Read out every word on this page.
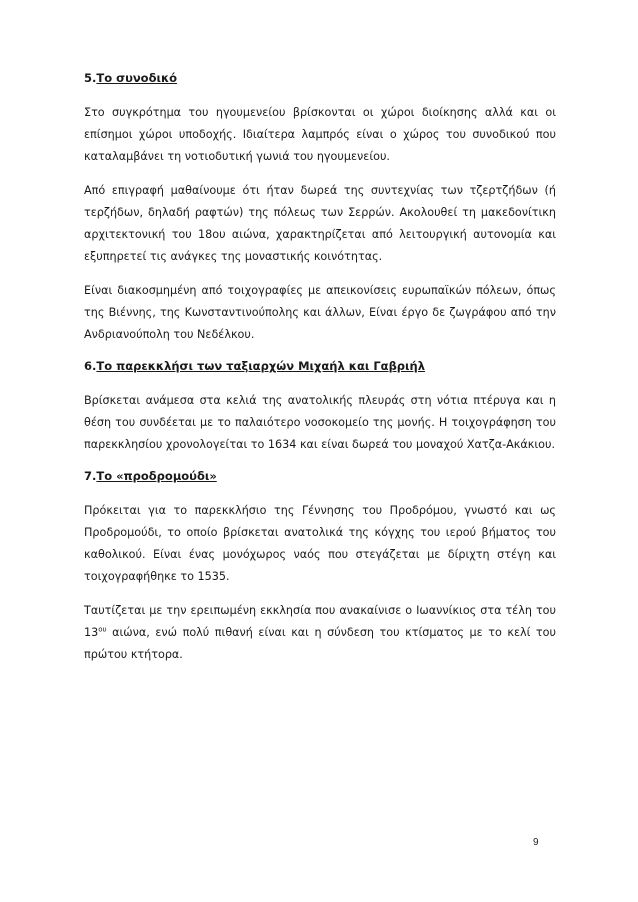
5.Το συνοδικό

Στο συγκρότημα του ηγουμενείου βρίσκονται οι χώροι διοίκησης αλλά και οι επίσημοι χώροι υποδοχής. Ιδιαίτερα λαμπρός είναι ο χώρος του συνοδικού που καταλαμβάνει τη νοτιοδυτική γωνιά του ηγουμενείου.

Από επιγραφή μαθαίνουμε ότι ήταν δωρεά της συντεχνίας των τζερτζήδων (ή τερζήδων, δηλαδή ραφτών) της πόλεως των Σερρών. Ακολουθεί τη μακεδονίτικη αρχιτεκτονική του 18ου αιώνα, χαρακτηρίζεται από λειτουργική αυτονομία και εξυπηρετεί τις ανάγκες της μοναστικής κοινότητας.

Είναι διακοσμημένη από τοιχογραφίες με απεικονίσεις ευρωπαϊκών πόλεων, όπως της Βιέννης, της Κωνσταντινούπολης και άλλων, Είναι έργο δε ζωγράφου από την Ανδριανούπολη του Νεδέλκου.

6.Το παρεκκλήσι των ταξιαρχών Μιχαήλ και Γαβριήλ

Βρίσκεται ανάμεσα στα κελιά της ανατολικής πλευράς στη νότια πτέρυγα και η θέση του συνδέεται με το παλαιότερο νοσοκομείο της μονής. Η τοιχογράφηση του παρεκκλησίου χρονολογείται το 1634 και είναι δωρεά του μοναχού Χατζα-Ακάκιου.

7.Το «προδρομούδι»

Πρόκειται για το παρεκκλήσιο της Γέννησης του Προδρόμου, γνωστό και ως Προδρομούδι, το οποίο βρίσκεται ανατολικά της κόγχης του ιερού βήματος του καθολικού. Είναι ένας μονόχωρος ναός που στεγάζεται με δίριχτη στέγη και τοιχογραφήθηκε το 1535.

Ταυτίζεται με την ερειπωμένη εκκλησία που ανακαίνισε ο Ιωαννίκιος στα τέλη του $13^{o\upsilon}$ αιώνα, ενώ πολύ πιθανή είναι και η σύνδεση του κτίσματος με το κελί του πρώτου κτήτορα.

9
